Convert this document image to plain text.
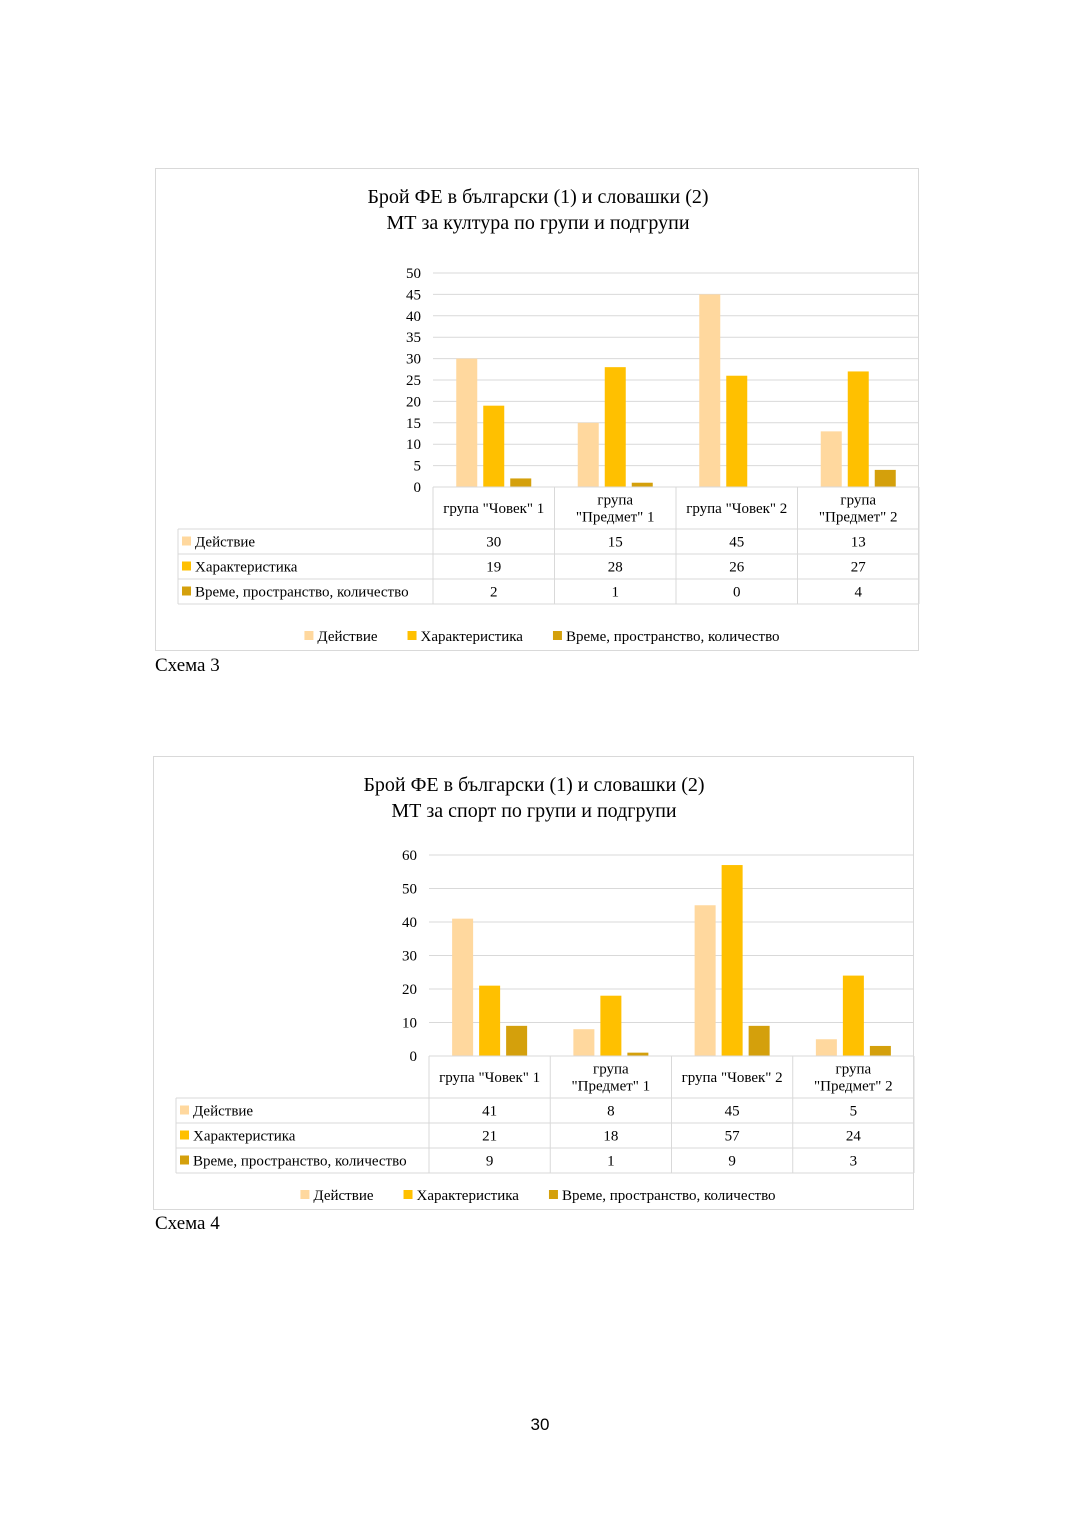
Брой ФЕ в български (1) и словашки (2)
МТ за култура по групи и подгрупи
0
5
10
15
20
25
30
35
40
45
50
група "Човек" 1
група
"Предмет" 1
група "Човек" 2
група
"Предмет" 2
Действие	30	15	45	13
Характеристика	19	28	26	27
Време, пространство, количество	2	1	0	4
Действие	Характеристика	Време, пространство, количество
Схема 3
Брой ФЕ в български (1) и словашки (2)
МТ за спорт по групи и подгрупи
0
10
20
30
40
50
60
група "Човек" 1
група
"Предмет" 1
група "Човек" 2
група
"Предмет" 2
Действие	41	8	45	5
Характеристика	21	18	57	24
Време, пространство, количество	9	1	9	3
Действие	Характеристика	Време, пространство, количество
Схема 4
30
